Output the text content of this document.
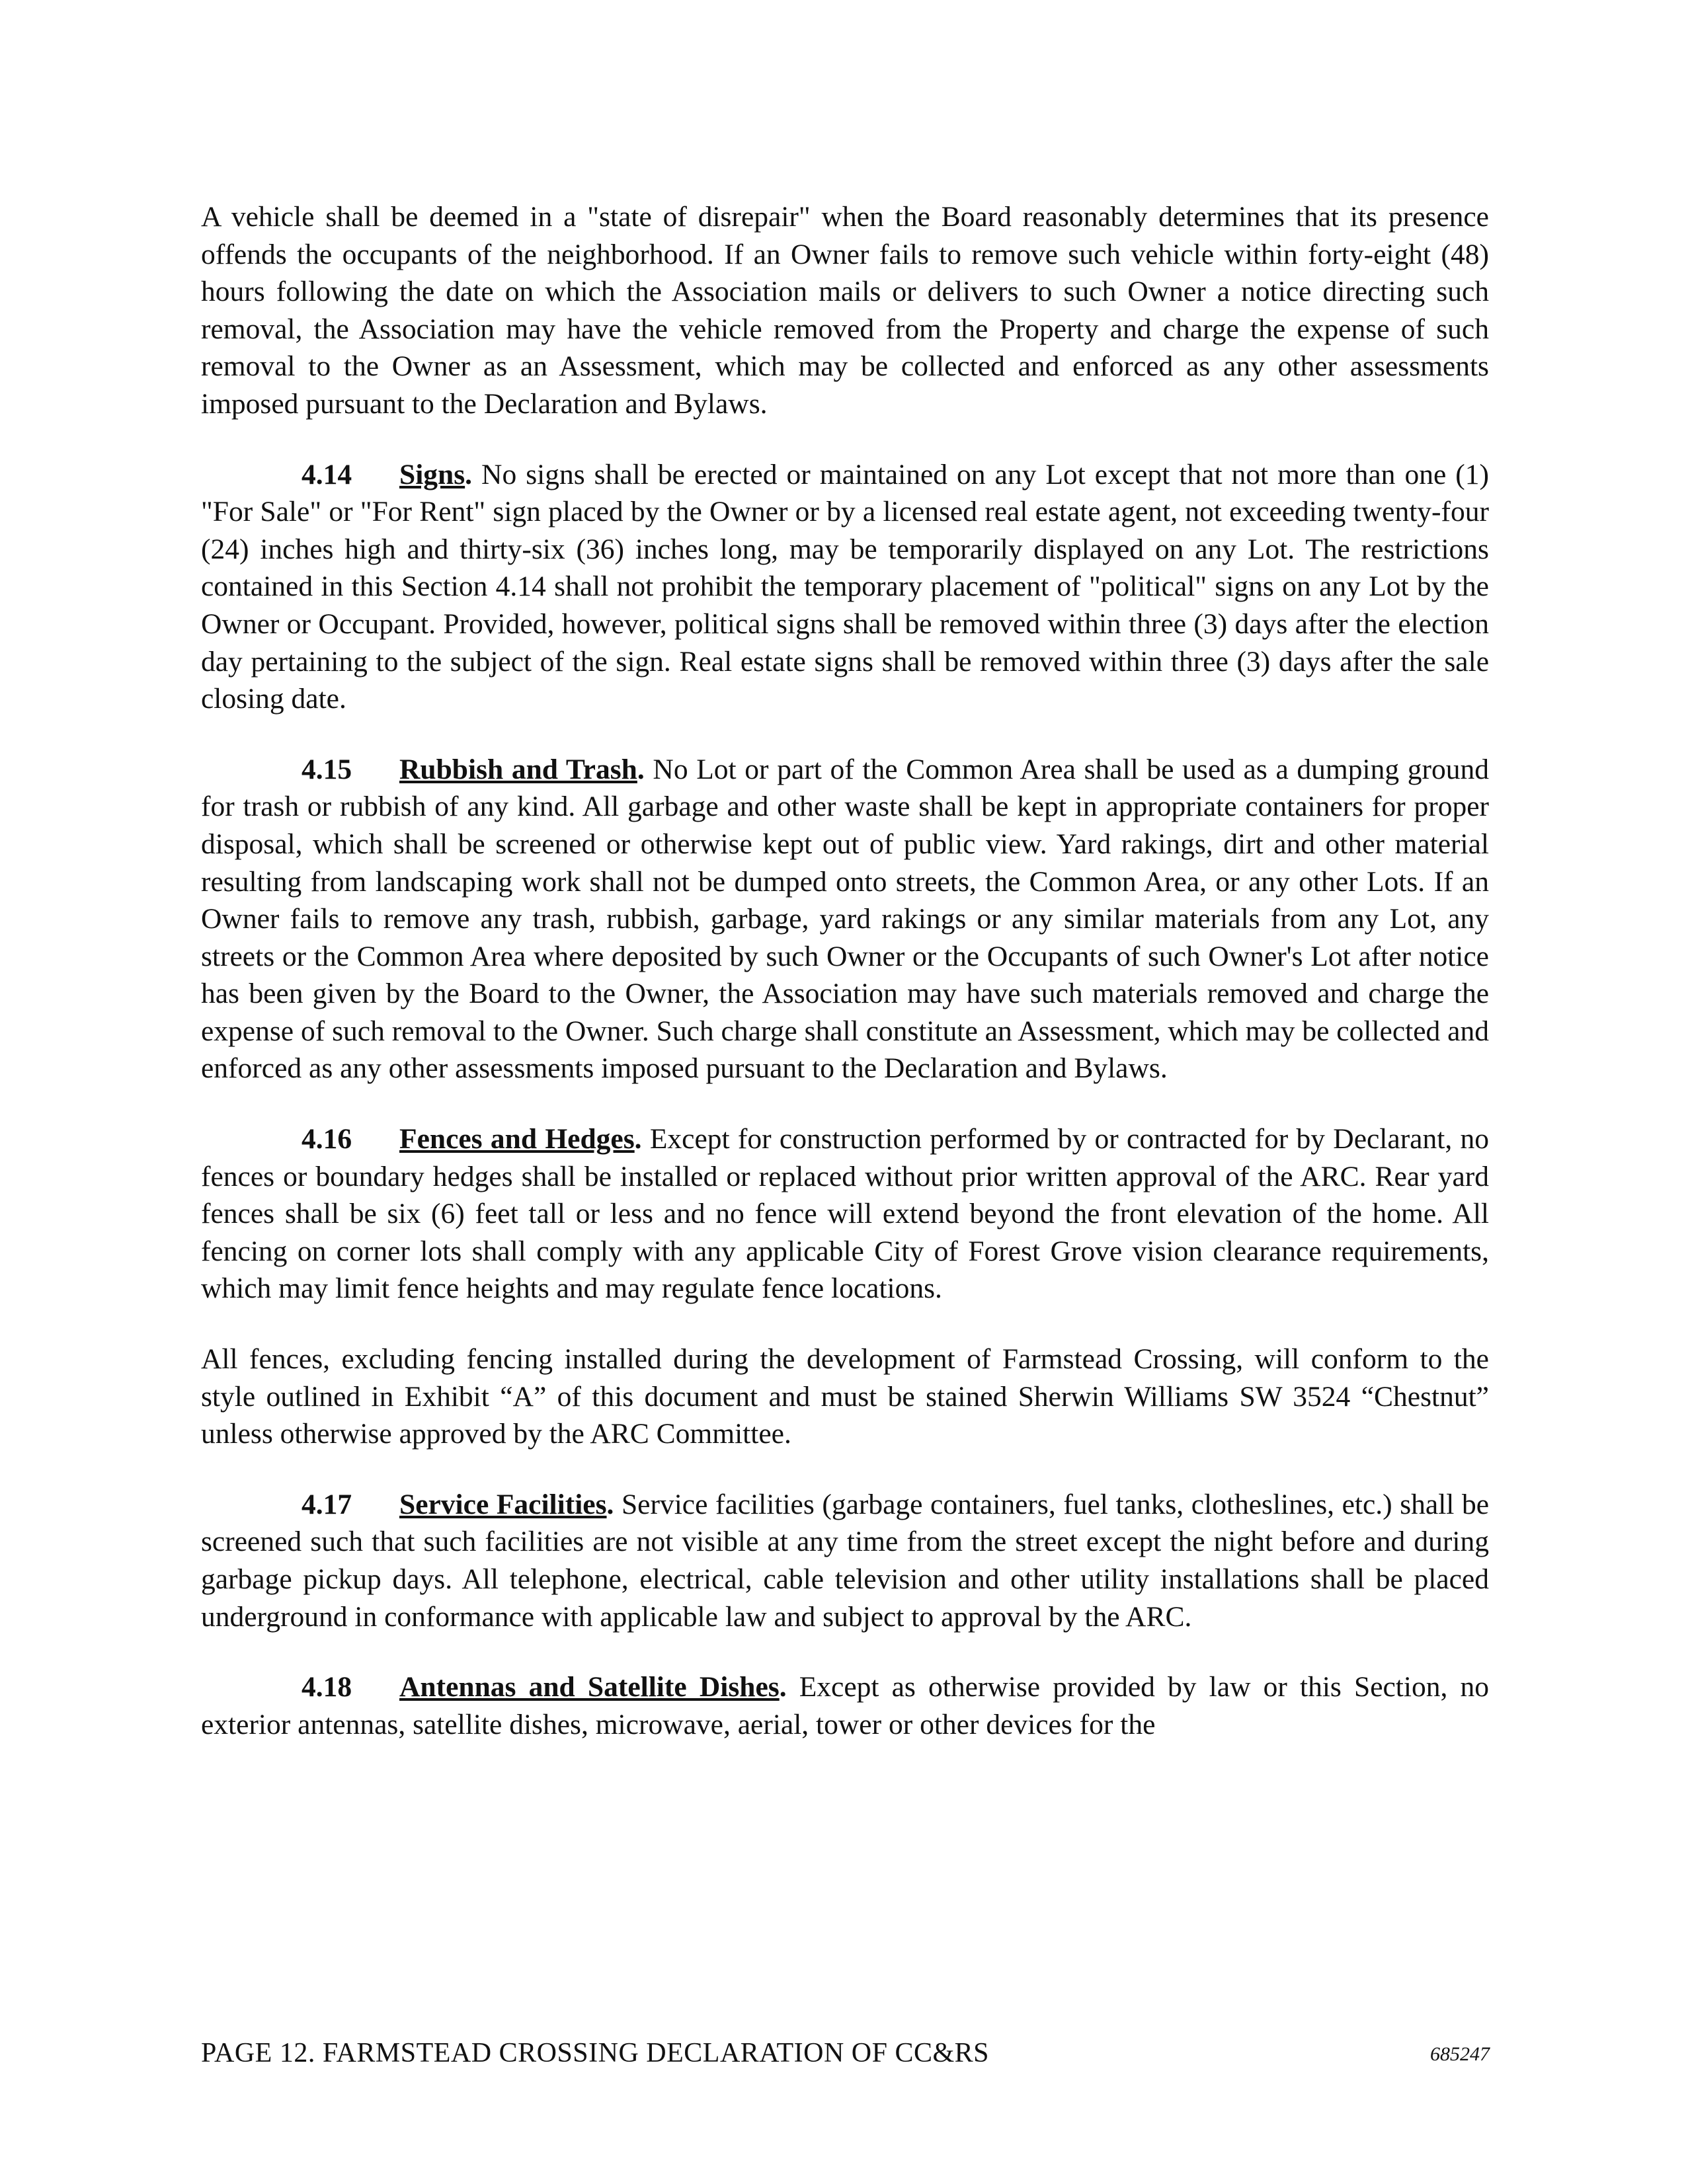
A vehicle shall be deemed in a "state of disrepair" when the Board reasonably determines that its presence offends the occupants of the neighborhood. If an Owner fails to remove such vehicle within forty-eight (48) hours following the date on which the Association mails or delivers to such Owner a notice directing such removal, the Association may have the vehicle removed from the Property and charge the expense of such removal to the Owner as an Assessment, which may be collected and enforced as any other assessments imposed pursuant to the Declaration and Bylaws.

4.14 Signs. No signs shall be erected or maintained on any Lot except that not more than one (1) "For Sale" or "For Rent" sign placed by the Owner or by a licensed real estate agent, not exceeding twenty-four (24) inches high and thirty-six (36) inches long, may be temporarily displayed on any Lot. The restrictions contained in this Section 4.14 shall not prohibit the temporary placement of "political" signs on any Lot by the Owner or Occupant. Provided, however, political signs shall be removed within three (3) days after the election day pertaining to the subject of the sign. Real estate signs shall be removed within three (3) days after the sale closing date.

4.15 Rubbish and Trash. No Lot or part of the Common Area shall be used as a dumping ground for trash or rubbish of any kind. All garbage and other waste shall be kept in appropriate containers for proper disposal, which shall be screened or otherwise kept out of public view. Yard rakings, dirt and other material resulting from landscaping work shall not be dumped onto streets, the Common Area, or any other Lots. If an Owner fails to remove any trash, rubbish, garbage, yard rakings or any similar materials from any Lot, any streets or the Common Area where deposited by such Owner or the Occupants of such Owner's Lot after notice has been given by the Board to the Owner, the Association may have such materials removed and charge the expense of such removal to the Owner. Such charge shall constitute an Assessment, which may be collected and enforced as any other assessments imposed pursuant to the Declaration and Bylaws.

4.16 Fences and Hedges. Except for construction performed by or contracted for by Declarant, no fences or boundary hedges shall be installed or replaced without prior written approval of the ARC. Rear yard fences shall be six (6) feet tall or less and no fence will extend beyond the front elevation of the home. All fencing on corner lots shall comply with any applicable City of Forest Grove vision clearance requirements, which may limit fence heights and may regulate fence locations.

All fences, excluding fencing installed during the development of Farmstead Crossing, will conform to the style outlined in Exhibit “A” of this document and must be stained Sherwin Williams SW 3524 “Chestnut” unless otherwise approved by the ARC Committee.

4.17 Service Facilities. Service facilities (garbage containers, fuel tanks, clotheslines, etc.) shall be screened such that such facilities are not visible at any time from the street except the night before and during garbage pickup days. All telephone, electrical, cable television and other utility installations shall be placed underground in conformance with applicable law and subject to approval by the ARC.

4.18 Antennas and Satellite Dishes. Except as otherwise provided by law or this Section, no exterior antennas, satellite dishes, microwave, aerial, tower or other devices for the

PAGE 12. FARMSTEAD CROSSING DECLARATION OF CC&RS	685247
